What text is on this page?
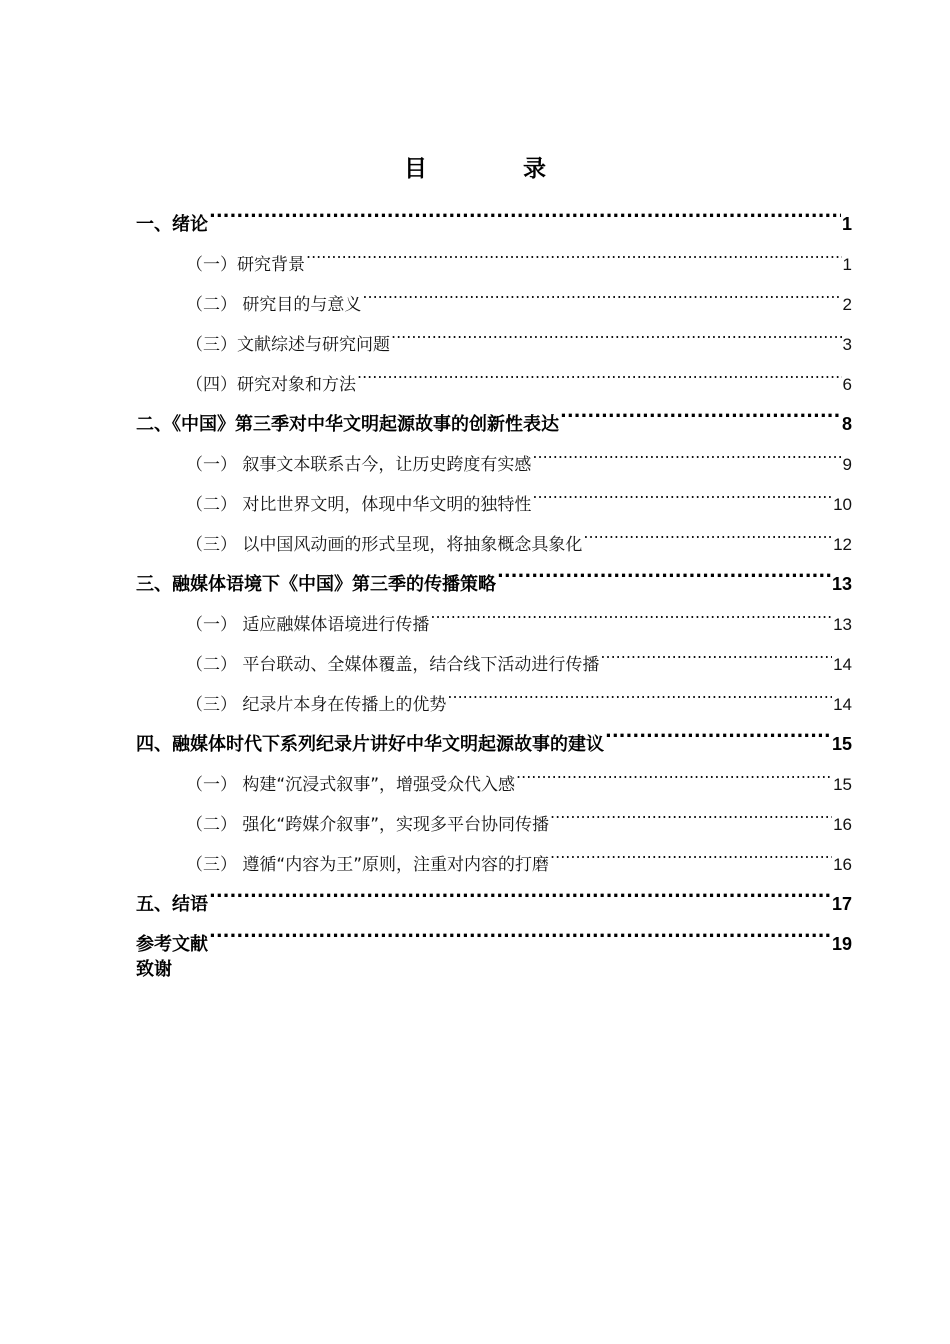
目 录
一、绪论 .....	1
（一）研究背景 .....	1
（二） 研究目的与意义 .....	2
（三）文献综述与研究问题 .....	3
（四）研究对象和方法 .....	6
二、《中国》第三季对中华文明起源故事的创新性表达 .....	8
（一） 叙事文本联系古今，让历史跨度有实感 .....	9
（二） 对比世界文明，体现中华文明的独特性 .....	10
（三） 以中国风动画的形式呈现，将抽象概念具象化 .....	12
三、融媒体语境下《中国》第三季的传播策略 .....	13
（一） 适应融媒体语境进行传播 .....	13
（二） 平台联动、全媒体覆盖，结合线下活动进行传播 .....	14
（三） 纪录片本身在传播上的优势 .....	14
四、融媒体时代下系列纪录片讲好中华文明起源故事的建议 .....	15
（一） 构建“沉浸式叙事”，增强受众代入感 .....	15
（二） 强化“跨媒介叙事”，实现多平台协同传播 .....	16
（三） 遵循“内容为王”原则，注重对内容的打磨 .....	16
五、结语 .....	17
参考文献 .....	19
致谢
